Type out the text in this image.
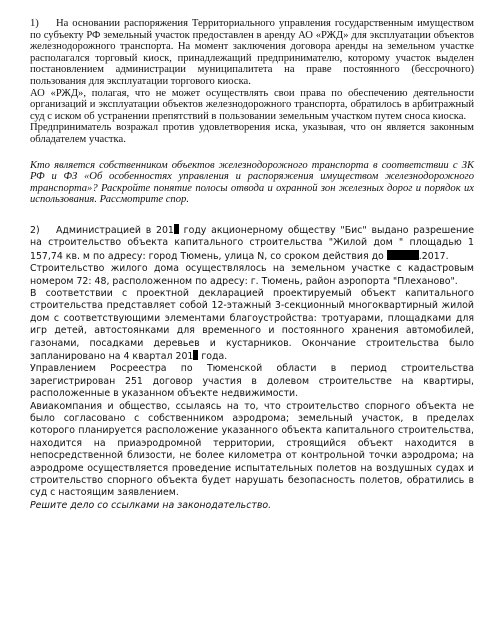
1) На основании распоряжения Территориального управления государственным имуществом по субъекту РФ земельный участок предоставлен в аренду АО «РЖД» для эксплуатации объектов железнодорожного транспорта. На момент заключения договора аренды на земельном участке располагался торговый киоск, принадлежащий предпринимателю, которому участок выделен постановлением администрации муниципалитета на праве постоянного (бессрочного) пользования для эксплуатации торгового киоска.

АО «РЖД», полагая, что не может осуществлять свои права по обеспечению деятельности организаций и эксплуатации объектов железнодорожного транспорта, обратилось в арбитражный суд с иском об устранении препятствий в пользовании земельным участком путем сноса киоска.

Предприниматель возражал против удовлетворения иска, указывая, что он является законным обладателем участка.

Кто является собственником объектов железнодорожного транспорта в соответствии с ЗК РФ и ФЗ «Об особенностях управления и распоряжения имуществом железнодорожного транспорта»? Раскройте понятие полосы отвода и охранной зон железных дорог и порядок их использования. Рассмотрите спор.

2) Администрацией в 201 году акционерному обществу "Бис" выдано разрешение на строительство объекта капитального строительства "Жилой дом " площадью 1 157,74 кв. м по адресу: город Тюмень, улица N, со сроком действия до	.2017.

Строительство жилого дома осуществлялось на земельном участке с кадастровым номером 72: 48, расположенном по адресу: г. Тюмень, район аэропорта "Плеханово".

В соответствии с проектной декларацией проектируемый объект капитального строительства представляет собой 12-этажный 3-секционный многоквартирный жилой дом с соответствующими элементами благоустройства: тротуарами, площадками для игр детей, автостоянками для временного и постоянного хранения автомобилей, газонами, посадками деревьев и кустарников. Окончание строительства было запланировано на 4 квартал 201 года.

Управлением Росреестра по Тюменской области в период строительства зарегистрирован 251 договор участия в долевом строительстве на квартиры, расположенные в указанном объекте недвижимости.

Авиакомпания и общество, ссылаясь на то, что строительство спорного объекта не было согласовано с собственником аэродрома; земельный участок, в пределах которого планируется расположение указанного объекта капитального строительства, находится на приаэродромной территории, строящийся объект находится в непосредственной близости, не более километра от контрольной точки аэродрома; на аэродроме осуществляется проведение испытательных полетов на воздушных судах и строительство спорного объекта будет нарушать безопасность полетов, обратились в суд с настоящим заявлением.

Решите дело со ссылками на законодательство.
